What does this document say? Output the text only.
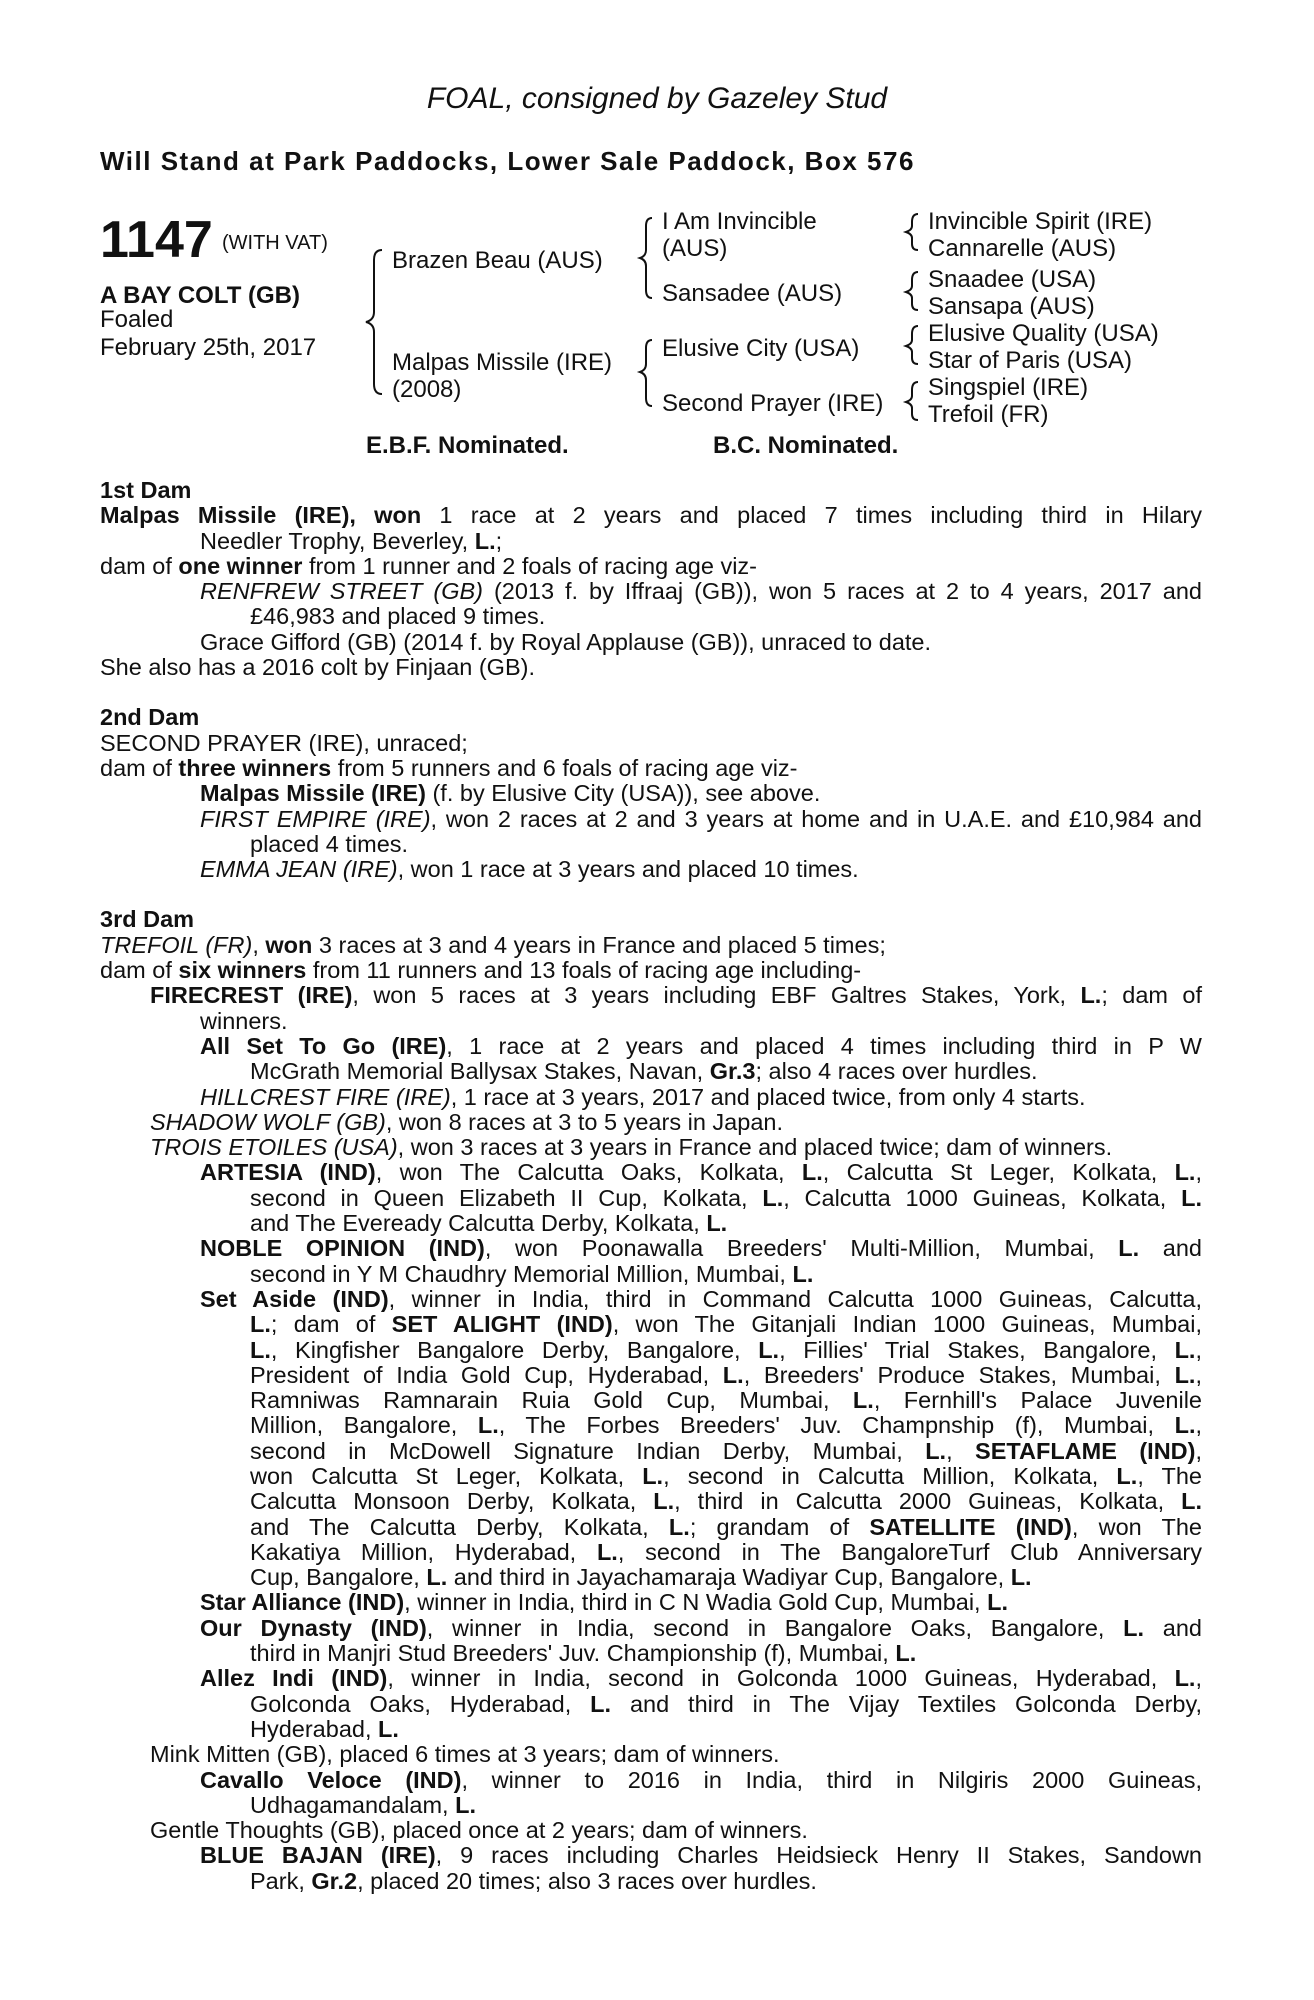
FOAL, consigned by Gazeley Stud
Will Stand at Park Paddocks, Lower Sale Paddock, Box 576
1147 (WITH VAT)
A BAY COLT (GB)
Foaled
February 25th, 2017
Brazen Beau (AUS)
Malpas Missile (IRE)
(2008)
I Am Invincible
(AUS)
Sansadee (AUS)
Elusive City (USA)
Second Prayer (IRE)
Invincible Spirit (IRE)
Cannarelle (AUS)
Snaadee (USA)
Sansapa (AUS)
Elusive Quality (USA)
Star of Paris (USA)
Singspiel (IRE)
Trefoil (FR)
E.B.F. Nominated.	B.C. Nominated.
1st Dam
Malpas Missile (IRE), won 1 race at 2 years and placed 7 times including third in Hilary
Needler Trophy, Beverley, L.;
dam of one winner from 1 runner and 2 foals of racing age viz-
RENFREW STREET (GB) (2013 f. by Iffraaj (GB)), won 5 races at 2 to 4 years, 2017 and
£46,983 and placed 9 times.
Grace Gifford (GB) (2014 f. by Royal Applause (GB)), unraced to date.
She also has a 2016 colt by Finjaan (GB).
2nd Dam
SECOND PRAYER (IRE), unraced;
dam of three winners from 5 runners and 6 foals of racing age viz-
Malpas Missile (IRE) (f. by Elusive City (USA)), see above.
FIRST EMPIRE (IRE), won 2 races at 2 and 3 years at home and in U.A.E. and £10,984 and
placed 4 times.
EMMA JEAN (IRE), won 1 race at 3 years and placed 10 times.
3rd Dam
TREFOIL (FR), won 3 races at 3 and 4 years in France and placed 5 times;
dam of six winners from 11 runners and 13 foals of racing age including-
FIRECREST (IRE), won 5 races at 3 years including EBF Galtres Stakes, York, L.; dam of
winners.
All Set To Go (IRE), 1 race at 2 years and placed 4 times including third in P W
McGrath Memorial Ballysax Stakes, Navan, Gr.3; also 4 races over hurdles.
HILLCREST FIRE (IRE), 1 race at 3 years, 2017 and placed twice, from only 4 starts.
SHADOW WOLF (GB), won 8 races at 3 to 5 years in Japan.
TROIS ETOILES (USA), won 3 races at 3 years in France and placed twice; dam of winners.
ARTESIA (IND), won The Calcutta Oaks, Kolkata, L., Calcutta St Leger, Kolkata, L.,
second in Queen Elizabeth II Cup, Kolkata, L., Calcutta 1000 Guineas, Kolkata, L.
and The Eveready Calcutta Derby, Kolkata, L.
NOBLE OPINION (IND), won Poonawalla Breeders' Multi-Million, Mumbai, L. and
second in Y M Chaudhry Memorial Million, Mumbai, L.
Set Aside (IND), winner in India, third in Command Calcutta 1000 Guineas, Calcutta,
L.; dam of SET ALIGHT (IND), won The Gitanjali Indian 1000 Guineas, Mumbai,
L., Kingfisher Bangalore Derby, Bangalore, L., Fillies' Trial Stakes, Bangalore, L.,
President of India Gold Cup, Hyderabad, L., Breeders' Produce Stakes, Mumbai, L.,
Ramniwas Ramnarain Ruia Gold Cup, Mumbai, L., Fernhill's Palace Juvenile
Million, Bangalore, L., The Forbes Breeders' Juv. Champnship (f), Mumbai, L.,
second in McDowell Signature Indian Derby, Mumbai, L., SETAFLAME (IND),
won Calcutta St Leger, Kolkata, L., second in Calcutta Million, Kolkata, L., The
Calcutta Monsoon Derby, Kolkata, L., third in Calcutta 2000 Guineas, Kolkata, L.
and The Calcutta Derby, Kolkata, L.; grandam of SATELLITE (IND), won The
Kakatiya Million, Hyderabad, L., second in The BangaloreTurf Club Anniversary
Cup, Bangalore, L. and third in Jayachamaraja Wadiyar Cup, Bangalore, L.
Star Alliance (IND), winner in India, third in C N Wadia Gold Cup, Mumbai, L.
Our Dynasty (IND), winner in India, second in Bangalore Oaks, Bangalore, L. and
third in Manjri Stud Breeders' Juv. Championship (f), Mumbai, L.
Allez Indi (IND), winner in India, second in Golconda 1000 Guineas, Hyderabad, L.,
Golconda Oaks, Hyderabad, L. and third in The Vijay Textiles Golconda Derby,
Hyderabad, L.
Mink Mitten (GB), placed 6 times at 3 years; dam of winners.
Cavallo Veloce (IND), winner to 2016 in India, third in Nilgiris 2000 Guineas,
Udhagamandalam, L.
Gentle Thoughts (GB), placed once at 2 years; dam of winners.
BLUE BAJAN (IRE), 9 races including Charles Heidsieck Henry II Stakes, Sandown
Park, Gr.2, placed 20 times; also 3 races over hurdles.
